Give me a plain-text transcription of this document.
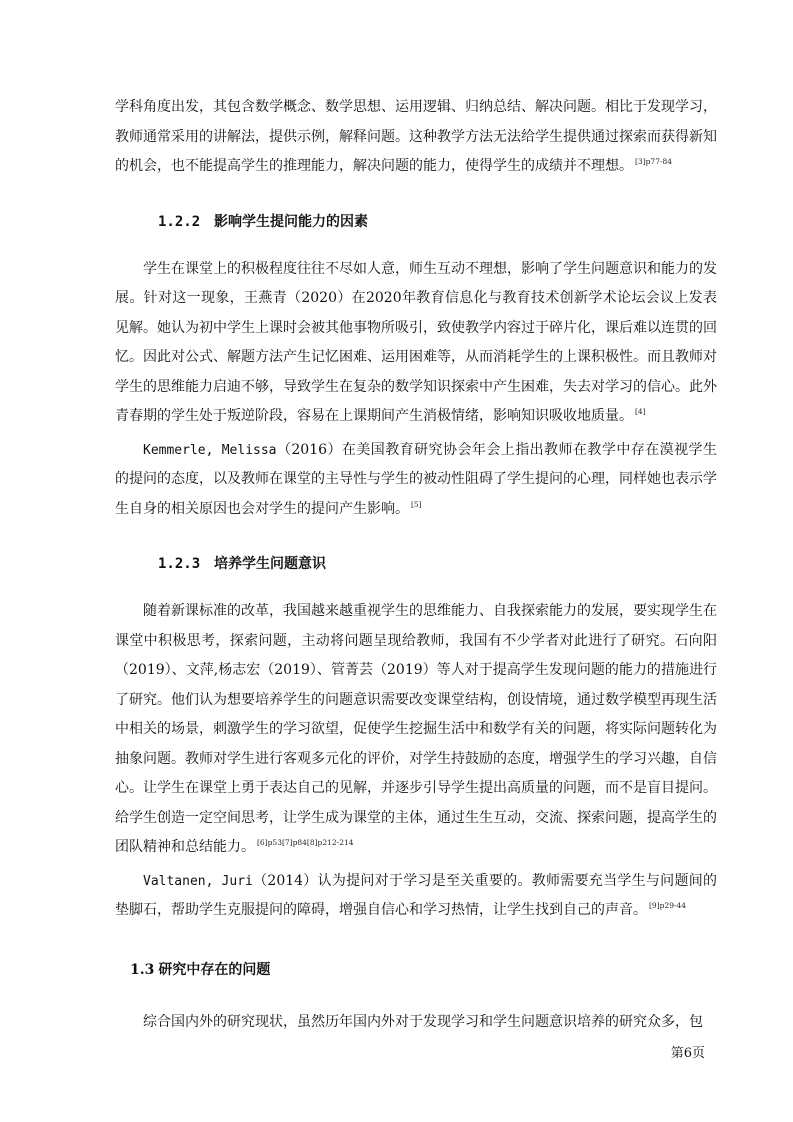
学科角度出发，其包含数学概念、数学思想、运用逻辑、归纳总结、解决问题。相比于发现学习，教师通常采用的讲解法，提供示例，解释问题。这种教学方法无法给学生提供通过探索而获得新知的机会，也不能提高学生的推理能力，解决问题的能力，使得学生的成绩并不理想。 $^{[3]p77-84}$

1.2.2 影响学生提问能力的因素

学生在课堂上的积极程度往往不尽如人意，师生互动不理想，影响了学生问题意识和能力的发展。针对这一现象，王燕青（2020）在2020年教育信息化与教育技术创新学术论坛会议上发表见解。她认为初中学生上课时会被其他事物所吸引，致使教学内容过于碎片化，课后难以连贯的回忆。因此对公式、解题方法产生记忆困难、运用困难等，从而消耗学生的上课积极性。而且教师对学生的思维能力启迪不够，导致学生在复杂的数学知识探索中产生困难，失去对学习的信心。此外青春期的学生处于叛逆阶段，容易在上课期间产生消极情绪，影响知识吸收地质量。 [4]

Kemmerle, Melissa（2016）在美国教育研究协会年会上指出教师在教学中存在漠视学生的提问的态度，以及教师在课堂的主导性与学生的被动性阻碍了学生提问的心理，同样她也表示学生自身的相关原因也会对学生的提问产生影响。 [5]

1.2.3 培养学生问题意识

随着新课标准的改革，我国越来越重视学生的思维能力、自我探索能力的发展，要实现学生在课堂中积极思考，探索问题，主动将问题呈现给教师，我国有不少学者对此进行了研究。石向阳（2019）、文萍,杨志宏（2019）、管菁芸（2019）等人对于提高学生发现问题的能力的措施进行了研究。他们认为想要培养学生的问题意识需要改变课堂结构，创设情境，通过数学模型再现生活中相关的场景，刺激学生的学习欲望，促使学生挖掘生活中和数学有关的问题，将实际问题转化为抽象问题。教师对学生进行客观多元化的评价，对学生持鼓励的态度，增强学生的学习兴趣，自信心。让学生在课堂上勇于表达自己的见解，并逐步引导学生提出高质量的问题，而不是盲目提问。给学生创造一定空间思考，让学生成为课堂的主体，通过生生互动，交流、探索问题，提高学生的团队精神和总结能力。 $^{[6]p53[7]p84[8]p212-214}$

Valtanen, Juri（2014）认为提问对于学习是至关重要的。教师需要充当学生与问题间的垫脚石，帮助学生克服提问的障碍，增强自信心和学习热情，让学生找到自己的声音。 $^{[9]p29-44}$

1.3 研究中存在的问题

综合国内外的研究现状，虽然历年国内外对于发现学习和学生问题意识培养的研究众多，包

第6页
